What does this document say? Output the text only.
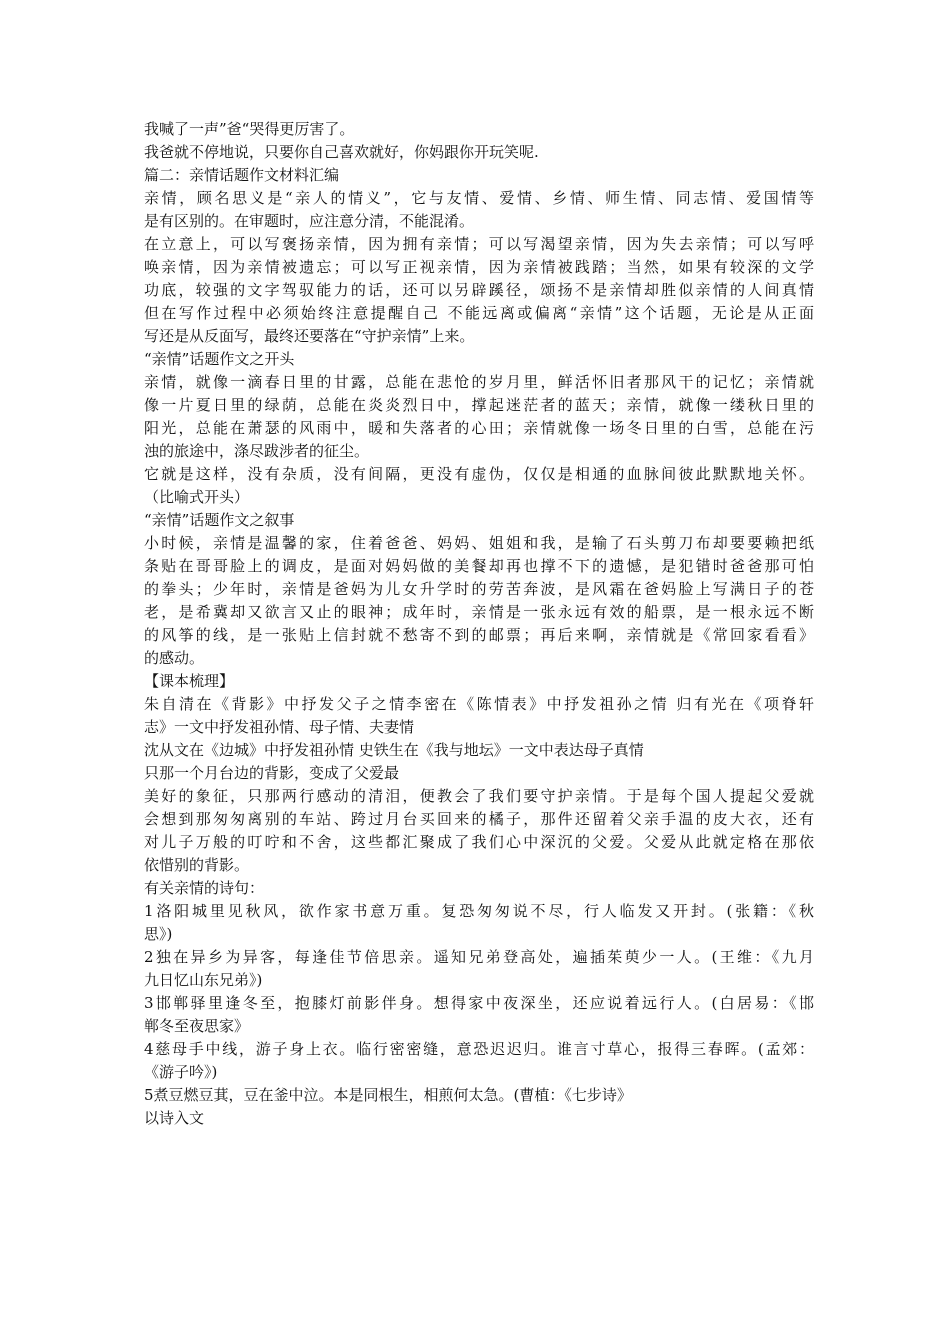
我喊了一声”爸“哭得更厉害了。
我爸就不停地说，只要你自己喜欢就好，你妈跟你开玩笑呢.
篇二：亲情话题作文材料汇编
亲情，顾名思义是“亲人的情义”，它与友情、爱情、乡情、师生情、同志情、爱国情等
是有区别的。在审题时，应注意分清，不能混淆。
在立意上，可以写褒扬亲情，因为拥有亲情；可以写渴望亲情，因为失去亲情；可以写呼
唤亲情，因为亲情被遗忘；可以写正视亲情，因为亲情被践踏；当然，如果有较深的文学
功底，较强的文字驾驭能力的话，还可以另辟蹊径，颂扬不是亲情却胜似亲情的人间真情
但在写作过程中必须始终注意提醒自己 不能远离或偏离“亲情”这个话题，无论是从正面
写还是从反面写，最终还要落在“守护亲情”上来。
“亲情”话题作文之开头
亲情，就像一滴春日里的甘露，总能在悲怆的岁月里，鲜活怀旧者那风干的记忆；亲情就
像一片夏日里的绿荫，总能在炎炎烈日中，撑起迷茫者的蓝天；亲情，就像一缕秋日里的
阳光，总能在萧瑟的风雨中，暖和失落者的心田；亲情就像一场冬日里的白雪，总能在污
浊的旅途中，涤尽跋涉者的征尘。
它就是这样，没有杂质，没有间隔，更没有虚伪，仅仅是相通的血脉间彼此默默地关怀。
（比喻式开头）
“亲情”话题作文之叙事
小时候，亲情是温馨的家，住着爸爸、妈妈、姐姐和我，是输了石头剪刀布却要要赖把纸
条贴在哥哥脸上的调皮，是面对妈妈做的美餐却再也撑不下的遗憾，是犯错时爸爸那可怕
的拳头；少年时，亲情是爸妈为儿女升学时的劳苦奔波，是风霜在爸妈脸上写满日子的苍
老，是希冀却又欲言又止的眼神；成年时，亲情是一张永远有效的船票，是一根永远不断
的风筝的线，是一张贴上信封就不愁寄不到的邮票；再后来啊，亲情就是《常回家看看》
的感动。
【课本梳理】
朱自清在《背影》中抒发父子之情李密在《陈情表》中抒发祖孙之情 归有光在《项脊轩
志》一文中抒发祖孙情、母子情、夫妻情
沈从文在《边城》中抒发祖孙情 史铁生在《我与地坛》一文中表达母子真情
只那一个月台边的背影，变成了父爱最
美好的象征，只那两行感动的清泪，便教会了我们要守护亲情。于是每个国人提起父爱就
会想到那匆匆离别的车站、跨过月台买回来的橘子，那件还留着父亲手温的皮大衣，还有
对儿子万般的叮咛和不舍，这些都汇聚成了我们心中深沉的父爱。父爱从此就定格在那依
依惜别的背影。
有关亲情的诗句：
1洛阳城里见秋风，欲作家书意万重。复恐匆匆说不尽，行人临发又开封。(张籍：《秋
思》)
2独在异乡为异客，每逢佳节倍思亲。遥知兄弟登高处，遍插茱萸少一人。(王维：《九月
九日忆山东兄弟》)
3邯郸驿里逢冬至，抱膝灯前影伴身。想得家中夜深坐，还应说着远行人。(白居易：《邯
郸冬至夜思家》
4慈母手中线，游子身上衣。临行密密缝，意恐迟迟归。谁言寸草心，报得三春晖。(孟郊：
《游子吟》)
5煮豆燃豆萁，豆在釜中泣。本是同根生，相煎何太急。(曹植：《七步诗》
以诗入文
